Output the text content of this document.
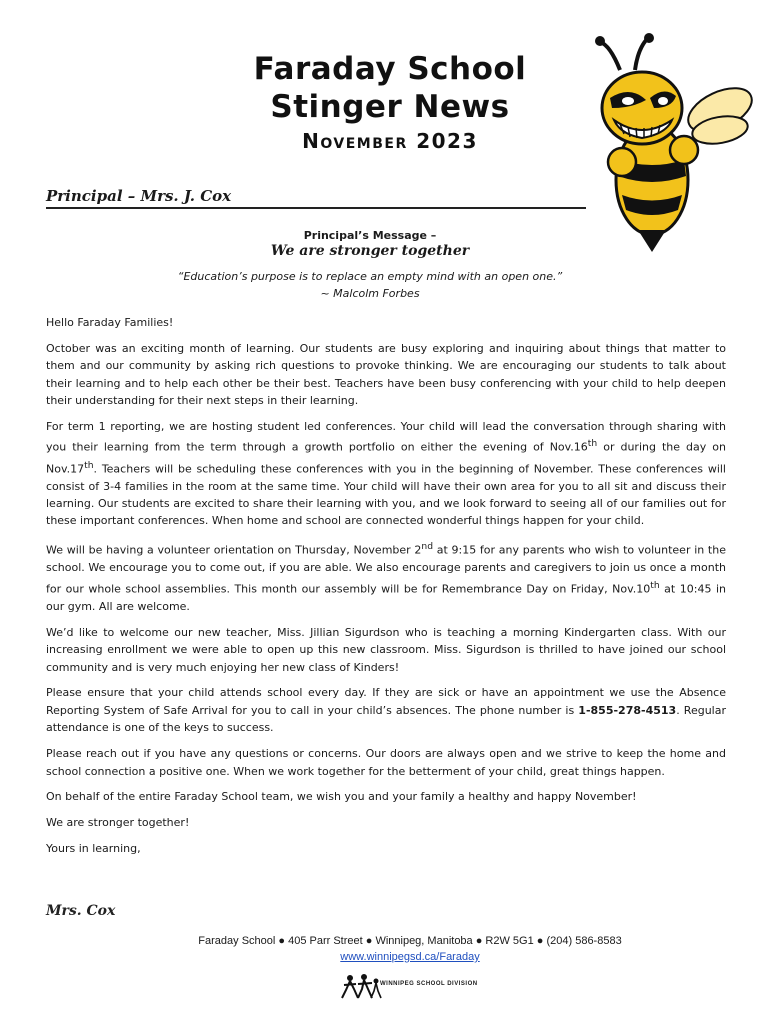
Faraday School
Stinger News
November 2023
Principal – Mrs. J. Cox
Principal’s Message –
We are stronger together
“Education’s purpose is to replace an empty mind with an open one.”
~ Malcolm Forbes

Hello Faraday Families!

October was an exciting month of learning. Our students are busy exploring and inquiring about things that matter to them and our community by asking rich questions to provoke thinking. We are encouraging our students to talk about their learning and to help each other be their best. Teachers have been busy conferencing with your child to help deepen their understanding for their next steps in their learning.

For term 1 reporting, we are hosting student led conferences. Your child will lead the conversation through sharing with you their learning from the term through a growth portfolio on either the evening of Nov.16th or during the day on Nov.17th. Teachers will be scheduling these conferences with you in the beginning of November. These conferences will consist of 3-4 families in the room at the same time. Your child will have their own area for you to all sit and discuss their learning. Our students are excited to share their learning with you, and we look forward to seeing all of our families out for these important conferences. When home and school are connected wonderful things happen for your child.

We will be having a volunteer orientation on Thursday, November 2nd at 9:15 for any parents who wish to volunteer in the school. We encourage you to come out, if you are able. We also encourage parents and caregivers to join us once a month for our whole school assemblies. This month our assembly will be for Remembrance Day on Friday, Nov.10th at 10:45 in our gym. All are welcome.

We’d like to welcome our new teacher, Miss. Jillian Sigurdson who is teaching a morning Kindergarten class. With our increasing enrollment we were able to open up this new classroom. Miss. Sigurdson is thrilled to have joined our school community and is very much enjoying her new class of Kinders!

Please ensure that your child attends school every day. If they are sick or have an appointment we use the Absence Reporting System of Safe Arrival for you to call in your child’s absences. The phone number is 1-855-278-4513. Regular attendance is one of the keys to success.

Please reach out if you have any questions or concerns. Our doors are always open and we strive to keep the home and school connection a positive one. When we work together for the betterment of your child, great things happen.

On behalf of the entire Faraday School team, we wish you and your family a healthy and happy November!

We are stronger together!

Yours in learning,

Mrs. Cox
Faraday School ● 405 Parr Street ● Winnipeg, Manitoba ● R2W 5G1 ● (204) 586-8583
www.winnipegsd.ca/Faraday
WINNIPEG SCHOOL DIVISION
